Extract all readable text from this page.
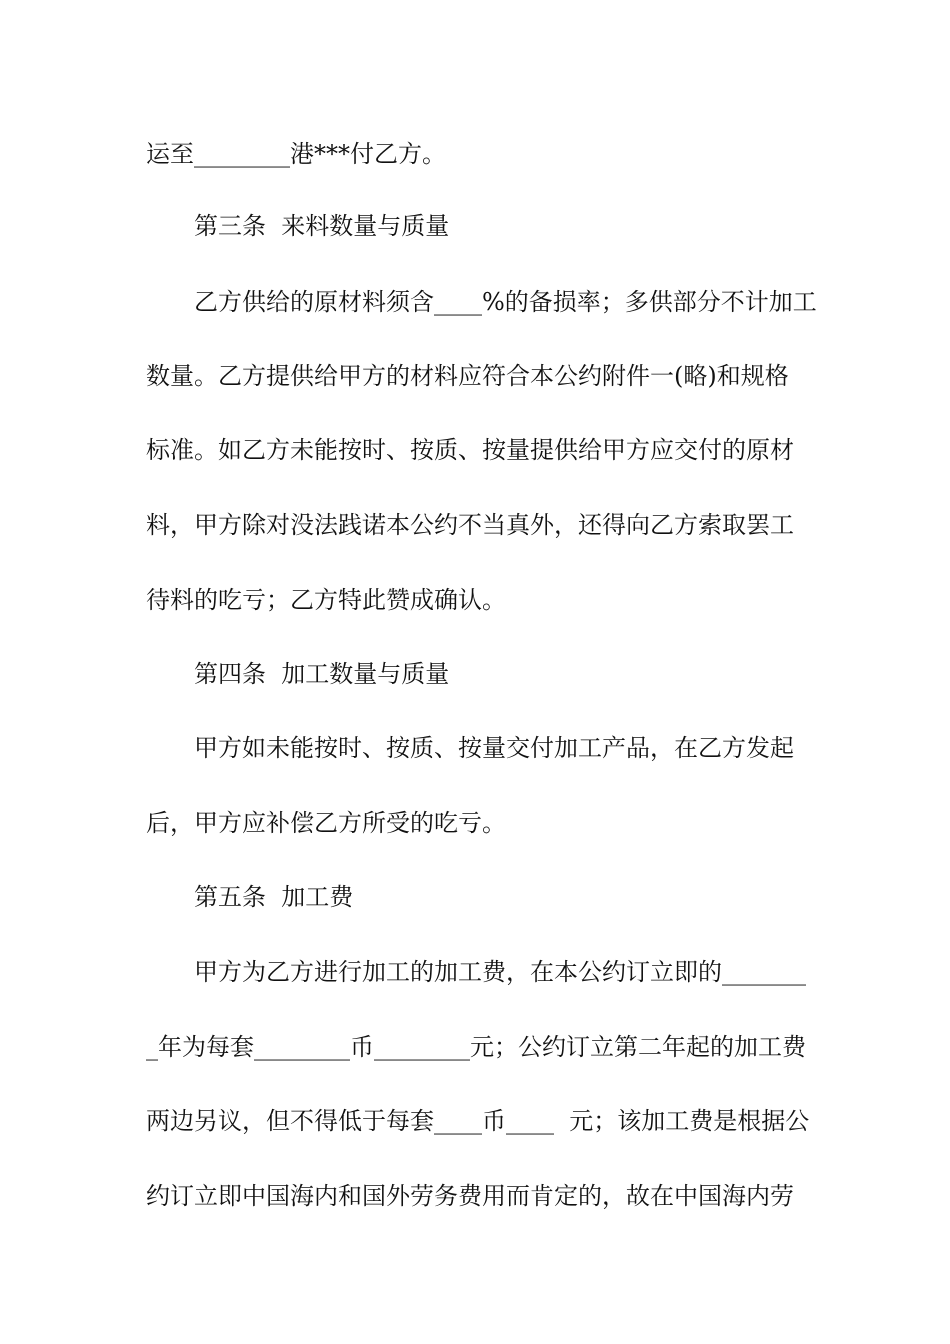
运至________港***付乙方。
第三条  来料数量与质量
乙方供给的原材料须含____%的备损率；多供部分不计加工
数量。乙方提供给甲方的材料应符合本公约附件一(略)和规格
标准。如乙方未能按时、按质、按量提供给甲方应交付的原材
料，甲方除对没法践诺本公约不当真外，还得向乙方索取罢工
待料的吃亏；乙方特此赞成确认。
第四条  加工数量与质量
甲方如未能按时、按质、按量交付加工产品，在乙方发起
后，甲方应补偿乙方所受的吃亏。
第五条  加工费
甲方为乙方进行加工的加工费，在本公约订立即的_______
_年为每套________币________元；公约订立第二年起的加工费
两边另议，但不得低于每套____币____  元；该加工费是根据公
约订立即中国海内和国外劳务费用而肯定的，故在中国海内劳
